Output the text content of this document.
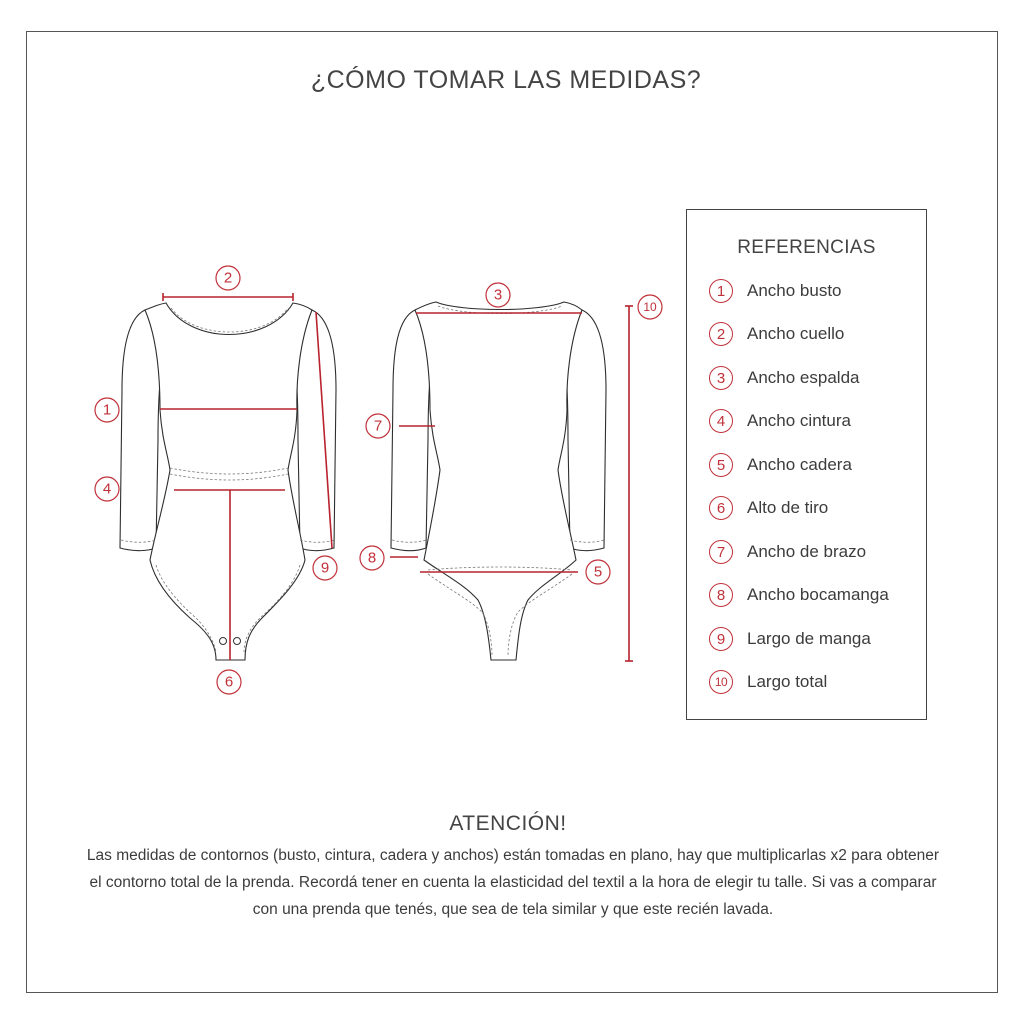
¿CÓMO TOMAR LAS MEDIDAS?
2
1
4
9
6
3
10
7
8
5
REFERENCIAS
1	Ancho busto
2	Ancho cuello
3	Ancho espalda
4	Ancho cintura
5	Ancho cadera
6	Alto de tiro
7	Ancho de brazo
8	Ancho bocamanga
9	Largo de manga
10	Largo total
ATENCIÓN!
Las medidas de contornos (busto, cintura, cadera y anchos) están tomadas en plano, hay que multiplicarlas x2 para obtener el contorno total de la prenda. Recordá tener en cuenta la elasticidad del textil a la hora de elegir tu talle. Si vas a comparar con una prenda que tenés, que sea de tela similar y que este recién lavada.
